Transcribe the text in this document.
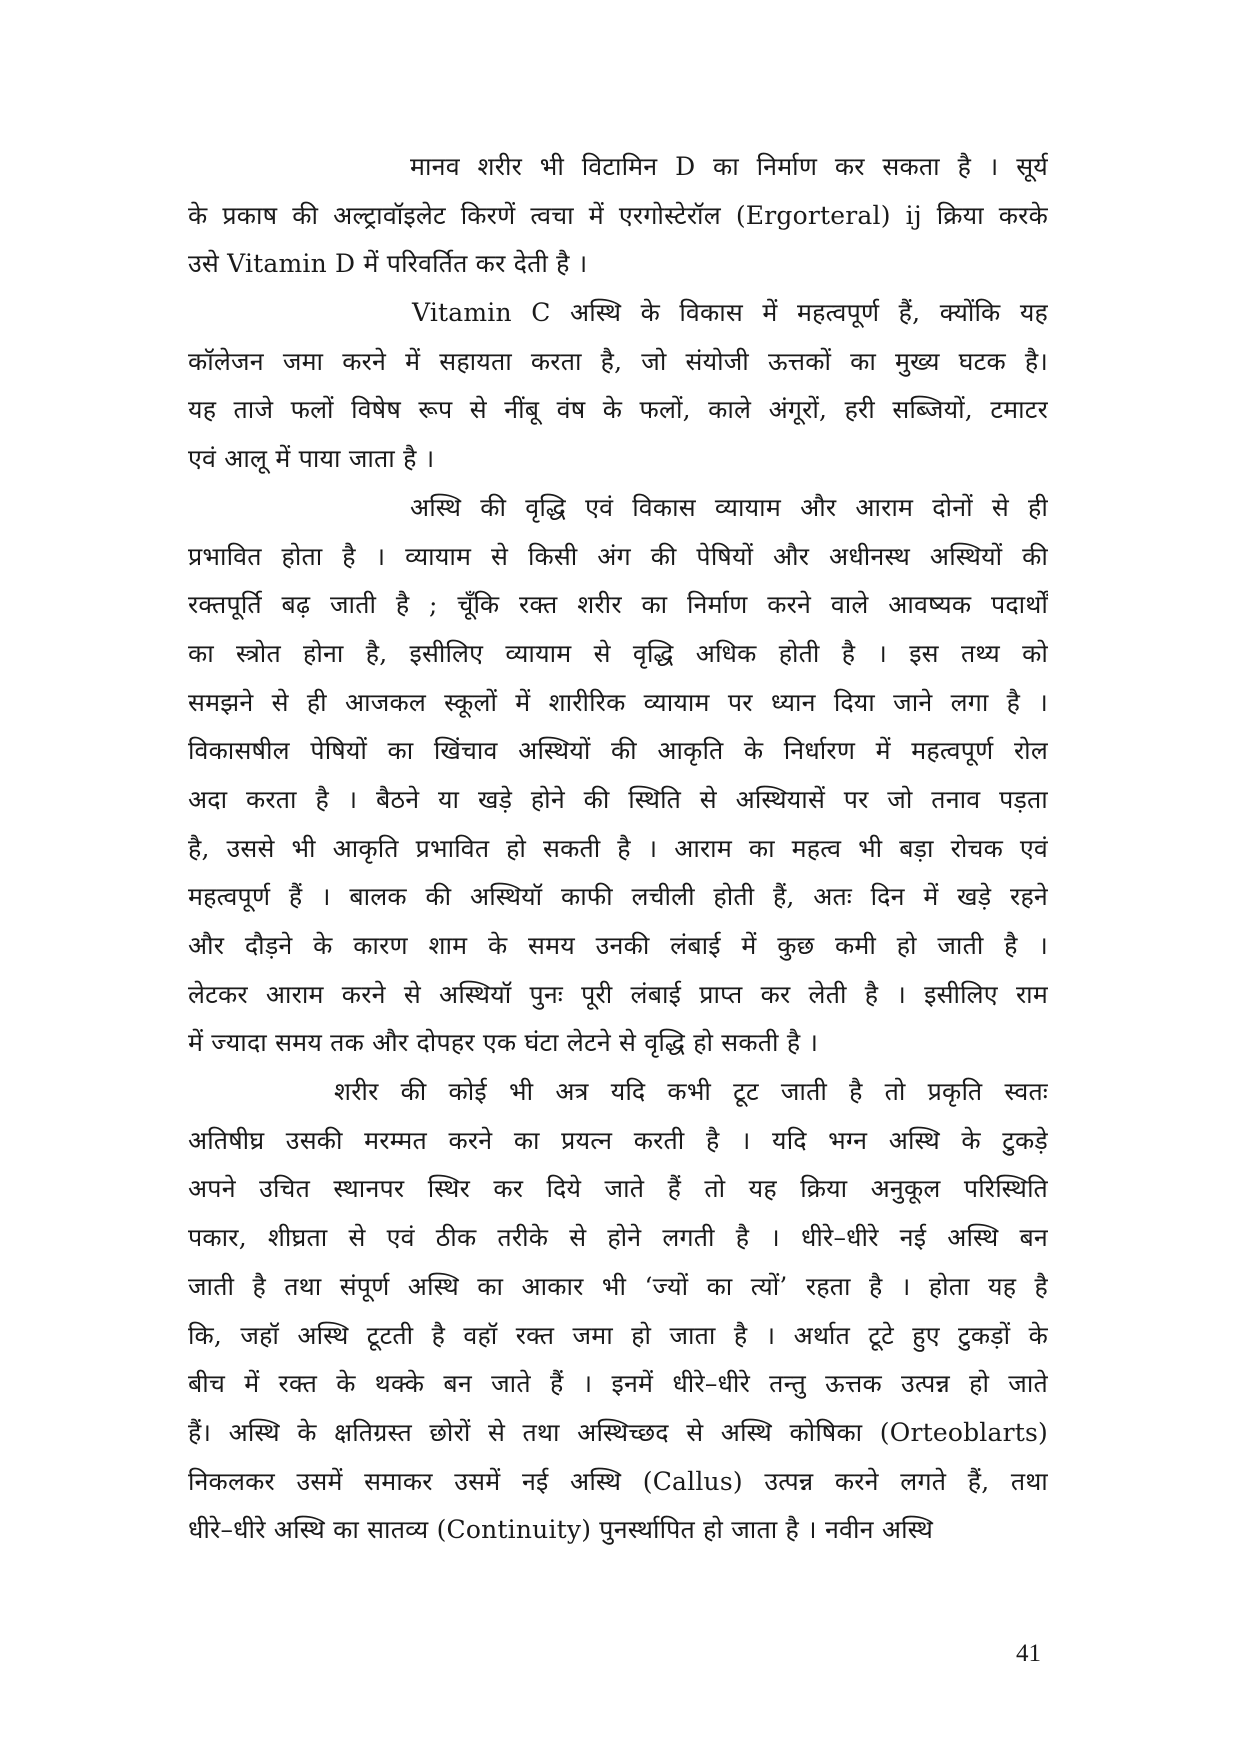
मानव शरीर भी विटामिन D का निर्माण कर सकता है । सूर्य
के प्रकाष की अल्ट्रावॉइलेट किरणें त्वचा में एरगोस्टेरॉल (Ergorteral) ij क्रिया करके
उसे Vitamin D में परिवर्तित कर देती है ।
Vitamin C अस्थि के विकास में महत्वपूर्ण हैं, क्योंकि यह
कॉलेजन जमा करने में सहायता करता है, जो संयोजी ऊत्तकों का मुख्य घटक है।
यह ताजे फलों विषेष रूप से नींबू वंष के फलों, काले अंगूरों, हरी सब्जियों, टमाटर
एवं आलू में पाया जाता है ।
अस्थि की वृद्धि एवं विकास व्यायाम और आराम दोनों से ही
प्रभावित होता है । व्यायाम से किसी अंग की पेषियों और अधीनस्थ अस्थियों की
रक्तपूर्ति बढ़ जाती है ; चूँकि रक्त शरीर का निर्माण करने वाले आवष्यक पदार्थों
का स्त्रोत होना है, इसीलिए व्यायाम से वृद्धि अधिक होती है । इस तथ्य को
समझने से ही आजकल स्कूलों में शारीरिक व्यायाम पर ध्यान दिया जाने लगा है ।
विकासषील पेषियों का खिंचाव अस्थियों की आकृति के निर्धारण में महत्वपूर्ण रोल
अदा करता है । बैठने या खड़े होने की स्थिति से अस्थियासें पर जो तनाव पड़ता
है, उससे भी आकृति प्रभावित हो सकती है । आराम का महत्व भी बड़ा रोचक एवं
महत्वपूर्ण हैं । बालक की अस्थियॉ काफी लचीली होती हैं, अतः दिन में खड़े रहने
और दौड़ने के कारण शाम के समय उनकी लंबाई में कुछ कमी हो जाती है ।
लेटकर आराम करने से अस्थियॉ पुनः पूरी लंबाई प्राप्त कर लेती है । इसीलिए राम
में ज्यादा समय तक और दोपहर एक घंटा लेटने से वृद्धि हो सकती है ।
शरीर की कोई भी अत्र यदि कभी टूट जाती है तो प्रकृति स्वतः
अतिषीघ्र उसकी मरम्मत करने का प्रयत्न करती है । यदि भग्न अस्थि के टुकड़े
अपने उचित स्थानपर स्थिर कर दिये जाते हैं तो यह क्रिया अनुकूल परिस्थिति
पकार, शीघ्रता से एवं ठीक तरीके से होने लगती है । धीरे–धीरे नई अस्थि बन
जाती है तथा संपूर्ण अस्थि का आकार भी ‘ज्यों का त्यों’ रहता है । होता यह है
कि, जहॉ अस्थि टूटती है वहॉ रक्त जमा हो जाता है । अर्थात टूटे हुए टुकड़ों के
बीच में रक्त के थक्के बन जाते हैं । इनमें धीरे–धीरे तन्तु ऊत्तक उत्पन्न हो जाते
हैं। अस्थि के क्षतिग्रस्त छोरों से तथा अस्थिच्छद से अस्थि कोषिका (Orteoblarts)
निकलकर उसमें समाकर उसमें नई अस्थि (Callus) उत्पन्न करने लगते हैं, तथा
धीरे–धीरे अस्थि का सातव्य (Continuity) पुनर्स्थापित हो जाता है । नवीन अस्थि
41
